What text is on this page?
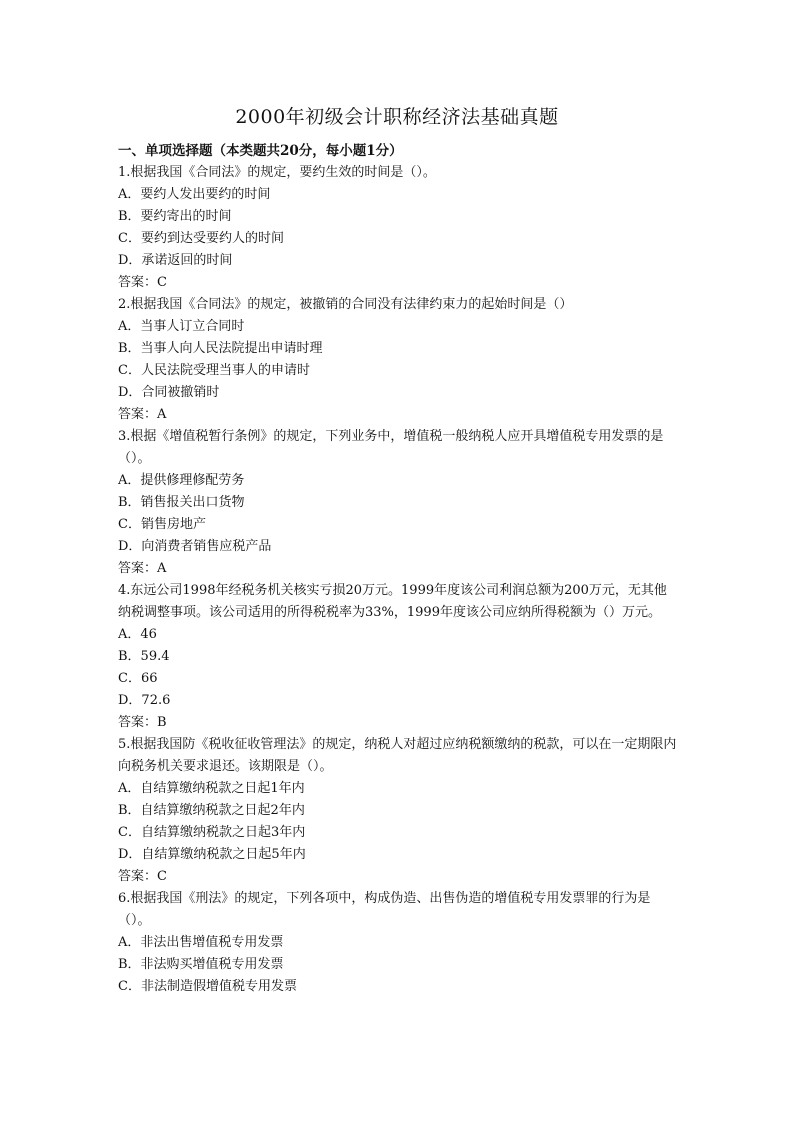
2000年初级会计职称经济法基础真题
一、单项选择题（本类题共20分，每小题1分）
1.根据我国《合同法》的规定，要约生效的时间是（）。
A．要约人发出要约的时间
B．要约寄出的时间
C．要约到达受要约人的时间
D．承诺返回的时间
答案：C
2.根据我国《合同法》的规定，被撤销的合同没有法律约束力的起始时间是（）
A．当事人订立合同时
B．当事人向人民法院提出申请时理
C．人民法院受理当事人的申请时
D．合同被撤销时
答案：A
3.根据《增值税暂行条例》的规定，下列业务中，增值税一般纳税人应开具增值税专用发票的是（）。
A．提供修理修配劳务
B．销售报关出口货物
C．销售房地产
D．向消费者销售应税产品
答案：A
4.东远公司1998年经税务机关核实亏损20万元。1999年度该公司利润总额为200万元，无其他纳税调整事项。该公司适用的所得税税率为33%，1999年度该公司应纳所得税额为（）万元。
A．46
B．59.4
C．66
D．72.6
答案：B
5.根据我国防《税收征收管理法》的规定，纳税人对超过应纳税额缴纳的税款，可以在一定期限内向税务机关要求退还。该期限是（）。
A．自结算缴纳税款之日起1年内
B．自结算缴纳税款之日起2年内
C．自结算缴纳税款之日起3年内
D．自结算缴纳税款之日起5年内
答案：C
6.根据我国《刑法》的规定，下列各项中，构成伪造、出售伪造的增值税专用发票罪的行为是（）。
A．非法出售增值税专用发票
B．非法购买增值税专用发票
C．非法制造假增值税专用发票
